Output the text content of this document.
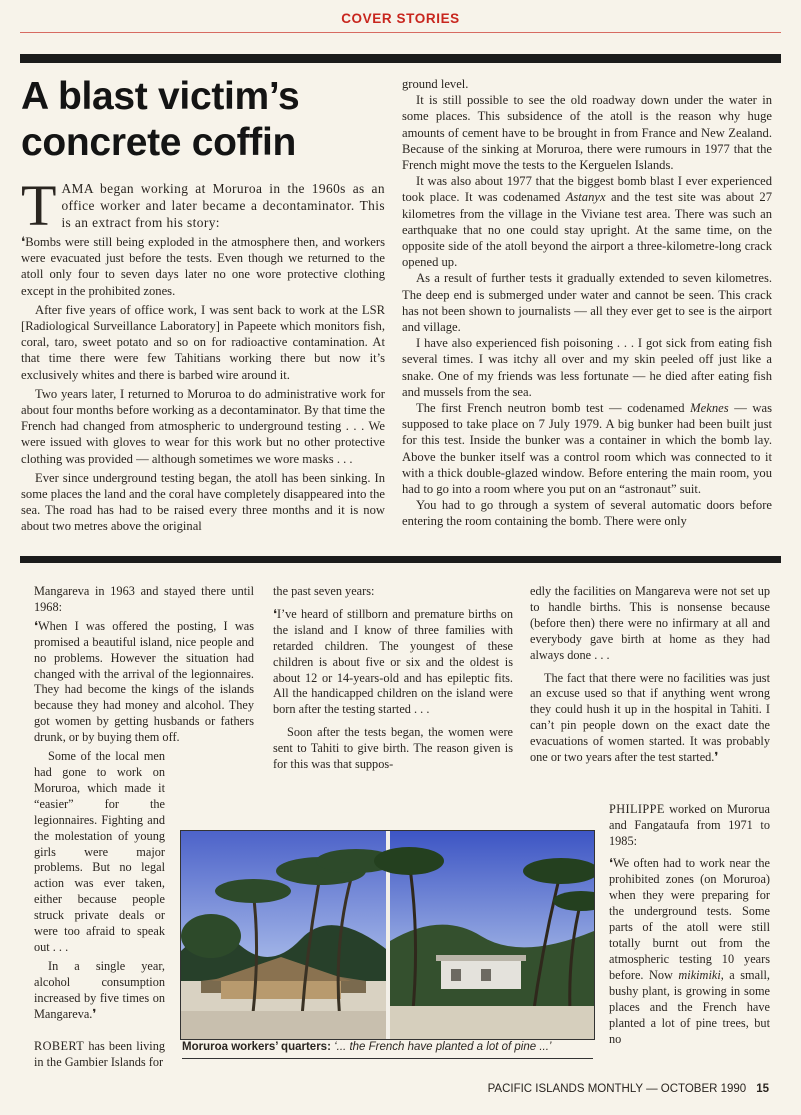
COVER STORIES
A blast victim’s concrete coffin

TAMA began working at Moruroa in the 1960s as an office worker and later became a decontaminator. This is an extract from his story:

❛Bombs were still being exploded in the atmosphere then, and workers were evacuated just before the tests. Even though we returned to the atoll only four to seven days later no one wore protective clothing except in the prohibited zones.

After five years of office work, I was sent back to work at the LSR [Radiological Surveillance Laboratory] in Papeete which monitors fish, coral, taro, sweet potato and so on for radioactive contamination. At that time there were few Tahitians working there but now it’s exclusively whites and there is barbed wire around it.

Two years later, I returned to Moruroa to do administrative work for about four months before working as a decontaminator. By that time the French had changed from atmospheric to underground testing . . . We were issued with gloves to wear for this work but no other protective clothing was provided — although sometimes we wore masks . . .

Ever since underground testing began, the atoll has been sinking. In some places the land and the coral have completely disappeared into the sea. The road has had to be raised every three months and it is now about two metres above the original

ground level.

It is still possible to see the old roadway down under the water in some places. This subsidence of the atoll is the reason why huge amounts of cement have to be brought in from France and New Zealand. Because of the sinking at Moruroa, there were rumours in 1977 that the French might move the tests to the Kerguelen Islands.

It was also about 1977 that the biggest bomb blast I ever experienced took place. It was codenamed Astanyx and the test site was about 27 kilometres from the village in the Viviane test area. There was such an earthquake that no one could stay upright. At the same time, on the opposite side of the atoll beyond the airport a three-kilometre-long crack opened up.

As a result of further tests it gradually extended to seven kilometres. The deep end is submerged under water and cannot be seen. This crack has not been shown to journalists — all they ever get to see is the airport and village.

I have also experienced fish poisoning . . . I got sick from eating fish several times. I was itchy all over and my skin peeled off just like a snake. One of my friends was less fortunate — he died after eating fish and mussels from the sea.

The first French neutron bomb test — codenamed Meknes — was supposed to take place on 7 July 1979. A big bunker had been built just for this test. Inside the bunker was a container in which the bomb lay. Above the bunker itself was a control room which was connected to it with a thick double-glazed window. Before entering the main room, you had to go into a room where you put on an “astronaut” suit.

You had to go through a system of several automatic doors before entering the room containing the bomb. There were only

Mangareva in 1963 and stayed there until 1968:

❛When I was offered the posting, I was promised a beautiful island, nice people and no problems. However the situation had changed with the arrival of the legionnaires. They had become the kings of the islands because they had money and alcohol. They got women by getting husbands or fathers drunk, or by buying them off.

Some of the local men had gone to work on Moruroa, which made it “easier” for the legionnaires. Fighting and the molestation of young girls were major problems. But no legal action was ever taken, either because people struck private deals or were too afraid to speak out . . .

In a single year, alcohol consumption increased by five times on Mangareva.❜

ROBERT has been living in the Gambier Islands for

the past seven years:

❛I’ve heard of stillborn and premature births on the island and I know of three families with retarded children. The youngest of these children is about five or six and the oldest is about 12 or 14-years-old and has epileptic fits. All the handicapped children on the island were born after the testing started . . .

Soon after the tests began, the women were sent to Tahiti to give birth. The reason given is for this was that suppos-

edly the facilities on Mangareva were not set up to handle births. This is nonsense because (before then) there were no infirmary at all and everybody gave birth at home as they had always done . . .

The fact that there were no facilities was just an excuse used so that if anything went wrong they could hush it up in the hospital in Tahiti. I can’t pin people down on the exact date the evacuations of women started. It was probably one or two years after the test started.❜

PHILIPPE worked on Murorua and Fangataufa from 1971 to 1985:

❛We often had to work near the prohibited zones (on Moruroa) when they were preparing for the underground tests. Some parts of the atoll were still totally burnt out from the atmospheric testing 10 years before. Now mikimiki, a small, bushy plant, is growing in some places and the French have planted a lot of pine trees, but no

Moruroa workers’ quarters: ‘... the French have planted a lot of pine ...’
PACIFIC ISLANDS MONTHLY — OCTOBER 1990 15
